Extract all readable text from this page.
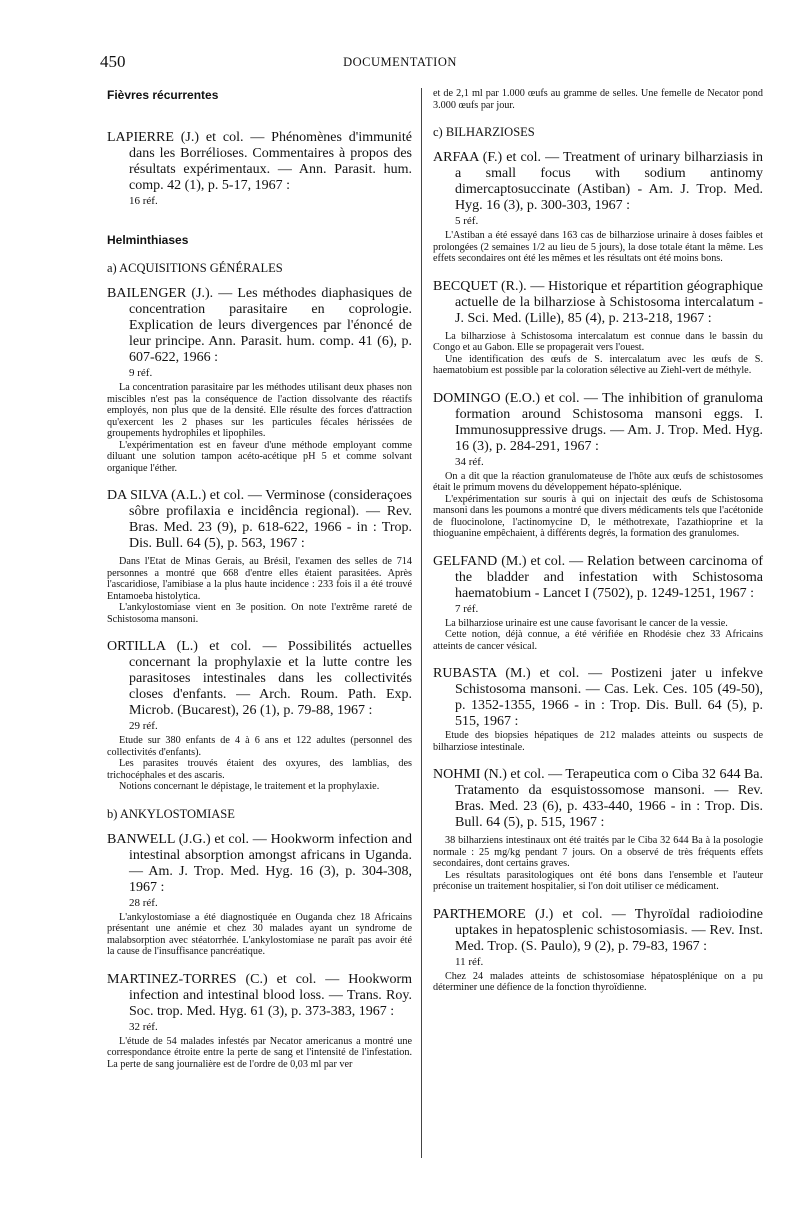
450	DOCUMENTATION
Fièvres récurrentes
LAPIERRE (J.) et col. — Phénomènes d'immunité dans les Borrélioses. Commentaires à propos des résultats expérimentaux. — Ann. Parasit. hum. comp. 42 (1), p. 5-17, 1967 :
16 réf.
Helminthiases
a) ACQUISITIONS GÉNÉRALES
BAILENGER (J.). — Les méthodes diaphasiques de concentration parasitaire en coprologie. Explication de leurs divergences par l'énoncé de leur principe. Ann. Parasit. hum. comp. 41 (6), p. 607-622, 1966 :
9 réf.

La concentration parasitaire par les méthodes utilisant deux phases non miscibles n'est pas la conséquence de l'action dissolvante des réactifs employés, non plus que de la densité. Elle résulte des forces d'attraction qu'exercent les 2 phases sur les particules fécales hérissées de groupements hydrophiles et lipophiles.

L'expérimentation est en faveur d'une méthode employant comme diluant une solution tampon acéto-acétique pH 5 et comme solvant organique l'éther.

DA SILVA (A.L.) et col. — Verminose (consideraçoes sôbre profilaxia e incidência regional). — Rev. Bras. Med. 23 (9), p. 618-622, 1966 - in : Trop. Dis. Bull. 64 (5), p. 563, 1967 :

Dans l'Etat de Minas Gerais, au Brésil, l'examen des selles de 714 personnes a montré que 668 d'entre elles étaient parasitées. Après l'ascaridiose, l'amibiase a la plus haute incidence : 233 fois il a été trouvé Entamoeba histolytica.

L'ankylostomiase vient en 3e position. On note l'extrême rareté de Schistosoma mansoni.

ORTILLA (L.) et col. — Possibilités actuelles concernant la prophylaxie et la lutte contre les parasitoses intestinales dans les collectivités closes d'enfants. — Arch. Roum. Path. Exp. Microb. (Bucarest), 26 (1), p. 79-88, 1967 :
29 réf.

Etude sur 380 enfants de 4 à 6 ans et 122 adultes (personnel des collectivités d'enfants).

Les parasites trouvés étaient des oxyures, des lamblias, des trichocéphales et des ascaris.

Notions concernant le dépistage, le traitement et la prophylaxie.

b) ANKYLOSTOMIASE
BANWELL (J.G.) et col. — Hookworm infection and intestinal absorption amongst africans in Uganda. — Am. J. Trop. Med. Hyg. 16 (3), p. 304-308, 1967 :
28 réf.

L'ankylostomiase a été diagnostiquée en Ouganda chez 18 Africains présentant une anémie et chez 30 malades ayant un syndrome de malabsorption avec stéatorrhée. L'ankylostomiase ne paraît pas avoir été la cause de l'insuffisance pancréatique.

MARTINEZ-TORRES (C.) et col. — Hookworm infection and intestinal blood loss. — Trans. Roy. Soc. trop. Med. Hyg. 61 (3), p. 373-383, 1967 :
32 réf.

L'étude de 54 malades infestés par Necator americanus a montré une correspondance étroite entre la perte de sang et l'intensité de l'infestation. La perte de sang journalière est de l'ordre de 0,03 ml par ver

et de 2,1 ml par 1.000 œufs au gramme de selles. Une femelle de Necator pond 3.000 œufs par jour.

c) BILHARZIOSES
ARFAA (F.) et col. — Treatment of urinary bilharziasis in a small focus with sodium antinomy dimercaptosuccinate (Astiban) - Am. J. Trop. Med. Hyg. 16 (3), p. 300-303, 1967 :
5 réf.

L'Astiban a été essayé dans 163 cas de bilharziose urinaire à doses faibles et prolongées (2 semaines 1/2 au lieu de 5 jours), la dose totale étant la même. Les effets secondaires ont été les mêmes et les résultats ont été moins bons.

BECQUET (R.). — Historique et répartition géographique actuelle de la bilharziose à Schistosoma intercalatum - J. Sci. Med. (Lille), 85 (4), p. 213-218, 1967 :

La bilharziose à Schistosoma intercalatum est connue dans le bassin du Congo et au Gabon. Elle se propagerait vers l'ouest.

Une identification des œufs de S. intercalatum avec les œufs de S. haematobium est possible par la coloration sélective au Ziehl-vert de méthyle.

DOMINGO (E.O.) et col. — The inhibition of granuloma formation around Schistosoma mansoni eggs. I. Immunosuppressive drugs. — Am. J. Trop. Med. Hyg. 16 (3), p. 284-291, 1967 :
34 réf.

On a dit que la réaction granulomateuse de l'hôte aux œufs de schistosomes était le primum movens du développement hépato-splénique.

L'expérimentation sur souris à qui on injectait des œufs de Schistosoma mansoni dans les poumons a montré que divers médicaments tels que l'acétonide de fluocinolone, l'actinomycine D, le méthotrexate, l'azathioprine et la thioguanine empêchaient, à différents degrés, la formation des granulomes.

GELFAND (M.) et col. — Relation between carcinoma of the bladder and infestation with Schistosoma haematobium - Lancet I (7502), p. 1249-1251, 1967 :
7 réf.

La bilharziose urinaire est une cause favorisant le cancer de la vessie.

Cette notion, déjà connue, a été vérifiée en Rhodésie chez 33 Africains atteints de cancer vésical.

RUBASTA (M.) et col. — Postizeni jater u infekve Schistosoma mansoni. — Cas. Lek. Ces. 105 (49-50), p. 1352-1355, 1966 - in : Trop. Dis. Bull. 64 (5), p. 515, 1967 :

Etude des biopsies hépatiques de 212 malades atteints ou suspects de bilharziose intestinale.

NOHMI (N.) et col. — Terapeutica com o Ciba 32 644 Ba. Tratamento da esquistossomose mansoni. — Rev. Bras. Med. 23 (6), p. 433-440, 1966 - in : Trop. Dis. Bull. 64 (5), p. 515, 1967 :

38 bilharziens intestinaux ont été traités par le Ciba 32 644 Ba à la posologie normale : 25 mg/kg pendant 7 jours. On a observé de très fréquents effets secondaires, dont certains graves.

Les résultats parasitologiques ont été bons dans l'ensemble et l'auteur préconise un traitement hospitalier, si l'on doit utiliser ce médicament.

PARTHEMORE (J.) et col. — Thyroïdal radioiodine uptakes in hepatosplenic schistosomiasis. — Rev. Inst. Med. Trop. (S. Paulo), 9 (2), p. 79-83, 1967 :
11 réf.

Chez 24 malades atteints de schistosomiase hépatosplénique on a pu déterminer une défience de la fonction thyroïdienne.
